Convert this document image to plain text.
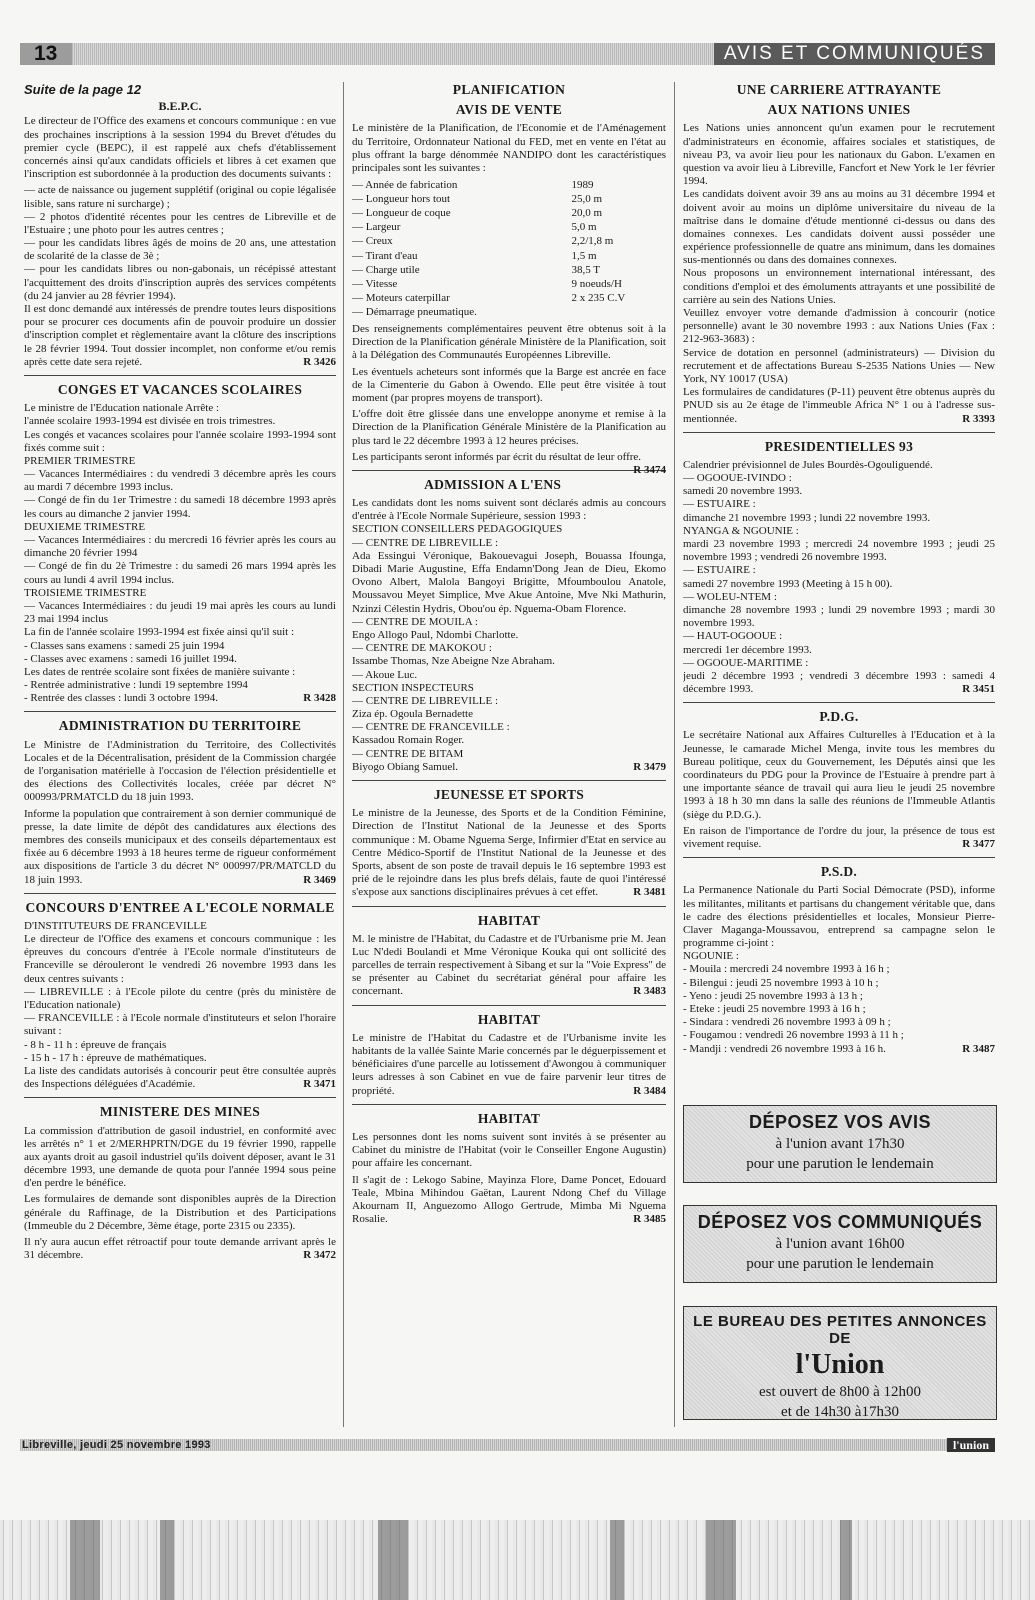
13	AVIS ET COMMUNIQUÉS
Suite de la page 12
B.E.P.C.

Le directeur de l'Office des examens et concours communique : en vue des prochaines inscriptions à la session 1994 du Brevet d'études du premier cycle (BEPC), il est rappelé aux chefs d'établissement concernés ainsi qu'aux candidats officiels et libres à cet examen que l'inscription est subordonnée à la production des documents suivants :

— acte de naissance ou jugement supplétif (original ou copie légalisée lisible, sans rature ni surcharge) ;

— 2 photos d'identité récentes pour les centres de Libreville et de l'Estuaire ; une photo pour les autres centres ;

— pour les candidats libres âgés de moins de 20 ans, une attestation de scolarité de la classe de 3è ;

— pour les candidats libres ou non-gabonais, un récépissé attestant l'acquittement des droits d'inscription auprès des services compétents (du 24 janvier au 28 février 1994).

Il est donc demandé aux intéressés de prendre toutes leurs dispositions pour se procurer ces documents afin de pouvoir produire un dossier d'inscription complet et règlementaire avant la clôture des inscriptions le 28 février 1994. Tout dossier incomplet, non conforme et/ou remis après cette date sera rejeté.	R 3426

CONGES ET VACANCES SCOLAIRES

Le ministre de l'Education nationale Arrête :

l'année scolaire 1993-1994 est divisée en trois trimestres.

Les congés et vacances scolaires pour l'année scolaire 1993-1994 sont fixés comme suit :

PREMIER TRIMESTRE

— Vacances Intermédiaires : du vendredi 3 décembre après les cours au mardi 7 décembre 1993 inclus.

— Congé de fin du 1er Trimestre : du samedi 18 décembre 1993 après les cours au dimanche 2 janvier 1994.

DEUXIEME TRIMESTRE

— Vacances Intermédiaires : du mercredi 16 février après les cours au dimanche 20 février 1994

— Congé de fin du 2è Trimestre : du samedi 26 mars 1994 après les cours au lundi 4 avril 1994 inclus.

TROISIEME TRIMESTRE

— Vacances Intermédiaires : du jeudi 19 mai après les cours au lundi 23 mai 1994 inclus

La fin de l'année scolaire 1993-1994 est fixée ainsi qu'il suit :

- Classes sans examens : samedi 25 juin 1994

- Classes avec examens : samedi 16 juillet 1994.

Les dates de rentrée scolaire sont fixées de manière suivante :

- Rentrée administrative : lundi 19 septembre 1994

- Rentrée des classes : lundi 3 octobre 1994.	R 3428

ADMINISTRATION DU TERRITOIRE

Le Ministre de l'Administration du Territoire, des Collectivités Locales et de la Décentralisation, président de la Commission chargée de l'organisation matérielle à l'occasion de l'élection présidentielle et des élections des Collectivités locales, créée par décret N° 000993/PRMATCLD du 18 juin 1993.

Informe la population que contrairement à son dernier communiqué de presse, la date limite de dépôt des candidatures aux élections des membres des conseils municipaux et des conseils départementaux est fixée au 6 décembre 1993 à 18 heures terme de rigueur conformément aux dispositions de l'article 3 du décret N° 000997/PR/MATCLD du 18 juin 1993.	R 3469

CONCOURS D'ENTREE A L'ECOLE NORMALE

D'INSTITUTEURS DE FRANCEVILLE

Le directeur de l'Office des examens et concours communique : les épreuves du concours d'entrée à l'Ecole normale d'instituteurs de Franceville se dérouleront le vendredi 26 novembre 1993 dans les deux centres suivants :

— LIBREVILLE : à l'Ecole pilote du centre (près du ministère de l'Education nationale)

— FRANCEVILLE : à l'Ecole normale d'instituteurs et selon l'horaire suivant :

- 8 h - 11 h : épreuve de français

- 15 h - 17 h : épreuve de mathématiques.

La liste des candidats autorisés à concourir peut être consultée auprès des Inspections déléguées d'Académie.	R 3471

MINISTERE DES MINES

La commission d'attribution de gasoil industriel, en conformité avec les arrêtés n° 1 et 2/MERHPRTN/DGE du 19 février 1990, rappelle aux ayants droit au gasoil industriel qu'ils doivent déposer, avant le 31 décembre 1993, une demande de quota pour l'année 1994 sous peine d'en perdre le bénéfice.

Les formulaires de demande sont disponibles auprès de la Direction générale du Raffinage, de la Distribution et des Participations (Immeuble du 2 Décembre, 3ème étage, porte 2315 ou 2335).

Il n'y aura aucun effet rétroactif pour toute demande arrivant après le 31 décembre.	R 3472

PLANIFICATION
AVIS DE VENTE

Le ministère de la Planification, de l'Economie et de l'Aménagement du Territoire, Ordonnateur National du FED, met en vente en l'état au plus offrant la barge dénommée NANDIPO dont les caractéristiques principales sont les suivantes :

— Année de fabrication	1989
— Longueur hors tout	25,0 m
— Longueur de coque	20,0 m
— Largeur	5,0 m
— Creux	2,2/1,8 m
— Tirant d'eau	1,5 m
— Charge utile	38,5 T
— Vitesse	9 noeuds/H
— Moteurs caterpillar	2 x 235 C.V
— Démarrage pneumatique.	

Des renseignements complémentaires peuvent être obtenus soit à la Direction de la Planification générale Ministère de la Planification, soit à la Délégation des Communautés Européennes Libreville.

Les éventuels acheteurs sont informés que la Barge est ancrée en face de la Cimenterie du Gabon à Owendo. Elle peut être visitée à tout moment (par propres moyens de transport).

L'offre doit être glissée dans une enveloppe anonyme et remise à la Direction de la Planification Générale Ministère de la Planification au plus tard le 22 décembre 1993 à 12 heures précises.

Les participants seront informés par écrit du résultat de leur offre.
R 3474

ADMISSION A L'ENS

Les candidats dont les noms suivent sont déclarés admis au concours d'entrée à l'Ecole Normale Supérieure, session 1993 :

SECTION CONSEILLERS PEDAGOGIQUES

— CENTRE DE LIBREVILLE :

Ada Essingui Véronique, Bakouevagui Joseph, Bouassa Ifounga, Dibadi Marie Augustine, Effa Endamn'Dong Jean de Dieu, Ekomo Ovono Albert, Malola Bangoyi Brigitte, Mfoumboulou Anatole, Moussavou Meyet Simplice, Mve Akue Antoine, Mve Nki Mathurin, Nzinzi Célestin Hydris, Obou'ou ép. Nguema-Obam Florence.

— CENTRE DE MOUILA :

Engo Allogo Paul, Ndombi Charlotte.

— CENTRE DE MAKOKOU :

Issambe Thomas, Nze Abeigne Nze Abraham.

— Akoue Luc.

SECTION INSPECTEURS

— CENTRE DE LIBREVILLE :

Ziza ép. Ogoula Bernadette

— CENTRE DE FRANCEVILLE :

Kassadou Romain Roger.

— CENTRE DE BITAM

Biyogo Obiang Samuel.	R 3479

JEUNESSE ET SPORTS

Le ministre de la Jeunesse, des Sports et de la Condition Féminine, Direction de l'Institut National de la Jeunesse et des Sports communique : M. Obame Nguema Serge, Infirmier d'Etat en service au Centre Médico-Sportif de l'Institut National de la Jeunesse et des Sports, absent de son poste de travail depuis le 16 septembre 1993 est prié de le rejoindre dans les plus brefs délais, faute de quoi l'intéressé s'expose aux sanctions disciplinaires prévues à cet effet.	R 3481

HABITAT

M. le ministre de l'Habitat, du Cadastre et de l'Urbanisme prie M. Jean Luc N'dedi Boulandi et Mme Véronique Kouka qui ont sollicité des parcelles de terrain respectivement à Sibang et sur la "Voie Express" de se présenter au Cabinet du secrétariat général pour affaire les concernant.	R 3483

HABITAT

Le ministre de l'Habitat du Cadastre et de l'Urbanisme invite les habitants de la vallée Sainte Marie concernés par le déguerpissement et bénéficiaires d'une parcelle au lotissement d'Awongou à communiquer leurs adresses à son Cabinet en vue de faire parvenir leur titres de propriété.	R 3484

HABITAT

Les personnes dont les noms suivent sont invités à se présenter au Cabinet du ministre de l'Habitat (voir le Conseiller Engone Augustin) pour affaire les concernant.

Il s'agit de : Lekogo Sabine, Mayinza Flore, Dame Poncet, Edouard Teale, Mbina Mihindou Gaëtan, Laurent Ndong Chef du Village Akournam II, Anguezomo Allogo Gertrude, Mimba Mi Nguema Rosalie.	R 3485

UNE CARRIERE ATTRAYANTE
AUX NATIONS UNIES

Les Nations unies annoncent qu'un examen pour le recrutement d'administrateurs en économie, affaires sociales et statistiques, de niveau P3, va avoir lieu pour les nationaux du Gabon. L'examen en question va avoir lieu à Libreville, Fancfort et New York le 1er février 1994.

Les candidats doivent avoir 39 ans au moins au 31 décembre 1994 et doivent avoir au moins un diplôme universitaire du niveau de la maîtrise dans le domaine d'étude mentionné ci-dessus ou dans des domaines connexes. Les candidats doivent aussi posséder une expérience professionnelle de quatre ans minimum, dans les domaines sus-mentionnés ou dans des domaines connexes.

Nous proposons un environnement international intéressant, des conditions d'emploi et des émoluments attrayants et une possibilité de carrière au sein des Nations Unies.

Veuillez envoyer votre demande d'admission à concourir (notice personnelle) avant le 30 novembre 1993 : aux Nations Unies (Fax : 212-963-3683) :

Service de dotation en personnel (administrateurs) — Division du recrutement et de affectations Bureau S-2535 Nations Unies — New York, NY 10017 (USA)

Les formulaires de candidatures (P-11) peuvent être obtenus auprès du PNUD sis au 2e étage de l'immeuble Africa N° 1 ou à l'adresse sus-mentionnée.	R 3393

PRESIDENTIELLES 93

Calendrier prévisionnel de Jules Bourdès-Ogouliguendé.

— OGOOUE-IVINDO :

samedi 20 novembre 1993.

— ESTUAIRE :

dimanche 21 novembre 1993 ; lundi 22 novembre 1993.

NYANGA & NGOUNIE :

mardi 23 novembre 1993 ; mercredi 24 novembre 1993 ; jeudi 25 novembre 1993 ; vendredi 26 novembre 1993.

— ESTUAIRE :

samedi 27 novembre 1993 (Meeting à 15 h 00).

— WOLEU-NTEM :

dimanche 28 novembre 1993 ; lundi 29 novembre 1993 ; mardi 30 novembre 1993.

— HAUT-OGOOUE :

mercredi 1er décembre 1993.

— OGOOUE-MARITIME :

jeudi 2 décembre 1993 ; vendredi 3 décembre 1993 : samedi 4 décembre 1993.	R 3451

P.D.G.

Le secrétaire National aux Affaires Culturelles à l'Education et à la Jeunesse, le camarade Michel Menga, invite tous les membres du Bureau politique, ceux du Gouvernement, les Députés ainsi que les coordinateurs du PDG pour la Province de l'Estuaire à prendre part à une importante séance de travail qui aura lieu le jeudi 25 novembre 1993 à 18 h 30 mn dans la salle des réunions de l'Immeuble Atlantis (siège du P.D.G.).

En raison de l'importance de l'ordre du jour, la présence de tous est vivement requise.	R 3477

P.S.D.

La Permanence Nationale du Parti Social Démocrate (PSD), informe les militantes, militants et partisans du changement véritable que, dans le cadre des élections présidentielles et locales, Monsieur Pierre-Claver Maganga-Moussavou, entreprend sa campagne selon le programme ci-joint :

NGOUNIE :

- Mouila : mercredi 24 novembre 1993 à 16 h ;

- Bilengui : jeudi 25 novembre 1993 à 10 h ;

- Yeno : jeudi 25 novembre 1993 à 13 h ;

- Eteke : jeudi 25 novembre 1993 à 16 h ;

- Sindara : vendredi 26 novembre 1993 à 09 h ;

- Fougamou : vendredi 26 novembre 1993 à 11 h ;

- Mandji : vendredi 26 novembre 1993 à 16 h.	R 3487

DÉPOSEZ VOS AVIS
à l'union avant 17h30
pour une parution le lendemain
DÉPOSEZ VOS COMMUNIQUÉS
à l'union avant 16h00
pour une parution le lendemain
LE BUREAU DES PETITES ANNONCES DE
l'Union
est ouvert de 8h00 à 12h00
et de 14h30 à17h30
Libreville, jeudi 25 novembre 1993	l'union
